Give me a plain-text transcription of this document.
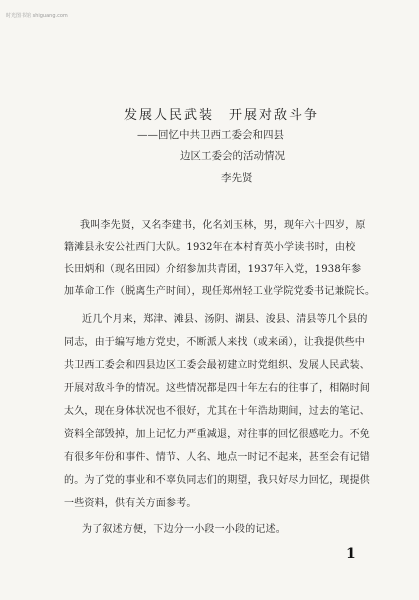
时光图书馆 shiguang.com
发展人民武装　开展对敌斗争
——回忆中共卫西工委会和四县
边区工委会的活动情况
李先贤
我叫李先贤，又名李建书，化名刘玉林，男，现年六十四岁，原
籍滩县永安公社西门大队。1932年在本村育英小学读书时，由校
长田炳和（现名田园）介绍参加共青团，1937年入党，1938年参
加革命工作（脱离生产时间），现任郑州轻工业学院党委书记兼院长。
近几个月来，郑津、滩县、汤阴、湖县、浚县、清县等几个县的
同志，由于编写地方党史，不断派人来找（或来函），让我提供些中
共卫西工委会和四县边区工委会最初建立时党组织、发展人民武装、
开展对敌斗争的情况。这些情况都是四十年左右的往事了，相隔时间
太久，现在身体状况也不很好，尤其在十年浩劫期间，过去的笔记、
资料全部毁掉，加上记忆力严重减退，对往事的回忆很感吃力。不免
有很多年份和事件、情节、人名、地点一时记不起来，甚至会有记错
的。为了党的事业和不辜负同志们的期望，我只好尽力回忆，现提供
一些资料，供有关方面参考。
为了叙述方便，下边分一小段一小段的记述。
1
